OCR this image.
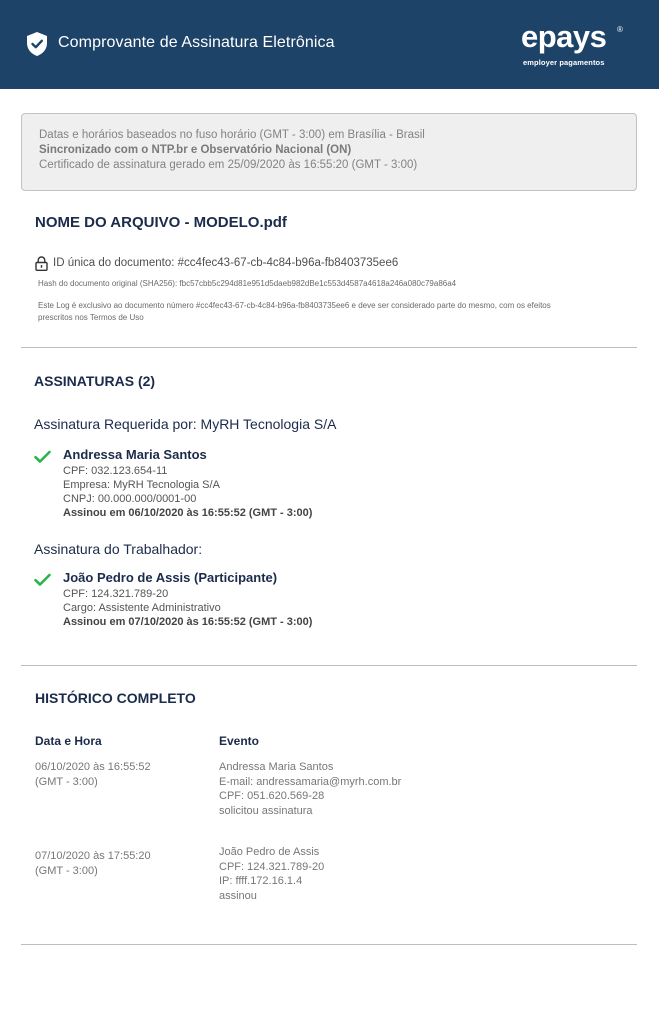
Comprovante de Assinatura Eletrônica	epays ®
employer pagamentos
Datas e horários baseados no fuso horário (GMT - 3:00) em Brasília - Brasil
Sincronizado com o NTP.br e Observatório Nacional (ON)
Certificado de assinatura gerado em 25/09/2020 às 16:55:20 (GMT - 3:00)
NOME DO ARQUIVO - MODELO.pdf
ID única do documento: #cc4fec43-67-cb-4c84-b96a-fb8403735ee6
Hash do documento original (SHA256): fbc57cbb5c294d81e951d5daeb982dBe1c553d4587a4618a246a080c79a86a4
Este Log é exclusivo ao documento número #cc4fec43-67-cb-4c84-b96a-fb8403735ee6 e deve ser considerado parte do mesmo, com os efeitos prescritos nos Termos de Uso
ASSINATURAS (2)
Assinatura Requerida por: MyRH Tecnologia S/A
Andressa Maria Santos
CPF: 032.123.654-11
Empresa: MyRH Tecnologia S/A
CNPJ: 00.000.000/0001-00
Assinou em 06/10/2020 às 16:55:52 (GMT - 3:00)
Assinatura do Trabalhador:
João Pedro de Assis (Participante)
CPF: 124.321.789-20
Cargo: Assistente Administrativo
Assinou em 07/10/2020 às 16:55:52 (GMT - 3:00)
HISTÓRICO COMPLETO
Data e Hora	Evento
06/10/2020 às 16:55:52
(GMT - 3:00)
Andressa Maria Santos
E-mail: andressamaria@myrh.com.br
CPF: 051.620.569-28
solicitou assinatura
07/10/2020 às 17:55:20
(GMT - 3:00)
João Pedro de Assis
CPF: 124.321.789-20
IP: ffff.172.16.1.4
assinou
